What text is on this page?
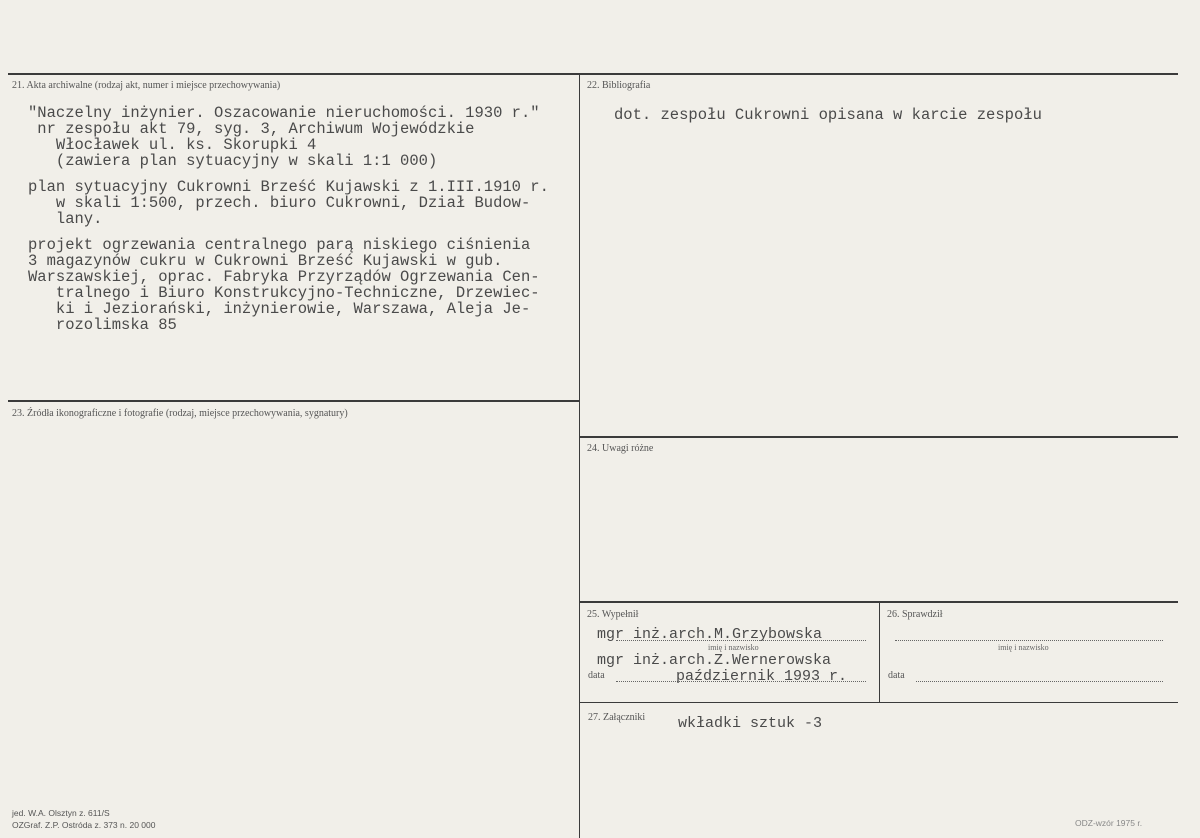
21. Akta archiwalne (rodzaj akt, numer i miejsce przechowywania)
"Naczelny inżynier. Oszacowanie nieruchomości. 1930 r."
nr zespołu akt 79, syg. 3, Archiwum Wojewódzkie
Włocławek ul. ks. Skorupki 4
(zawiera plan sytuacyjny w skali 1:1 000)
plan sytuacyjny Cukrowni Brześć Kujawski z 1.III.1910 r.
w skali 1:500, przech. biuro Cukrowni, Dział Budow-
lany.
projekt ogrzewania centralnego parą niskiego ciśnienia
3 magazynów cukru w Cukrowni Brześć Kujawski w gub.
Warszawskiej, oprac. Fabryka Przyrządów Ogrzewania Cen-
tralnego i Biuro Konstrukcyjno-Techniczne, Drzewiec-
ki i Jeziorański, inżynierowie, Warszawa, Aleja Je-
rozolimska 85
22. Bibliografia
dot. zespołu Cukrowni opisana w karcie zespołu
23. Źródła ikonograficzne i fotografie (rodzaj, miejsce przechowywania, sygnatury)
24. Uwagi różne
25. Wypełnił
mgr inż.arch.M.Grzybowska
imię i nazwisko
mgr inż.arch.Z.Wernerowska
data	październik 1993 r.
26. Sprawdził
imię i nazwisko
data
27. Załączniki wkładki sztuk -3
jed. W.A. Olsztyn z. 611/S
OZGraf. Z.P. Ostróda z. 373 n. 20 000	ODZ-wzór 1975 r.
